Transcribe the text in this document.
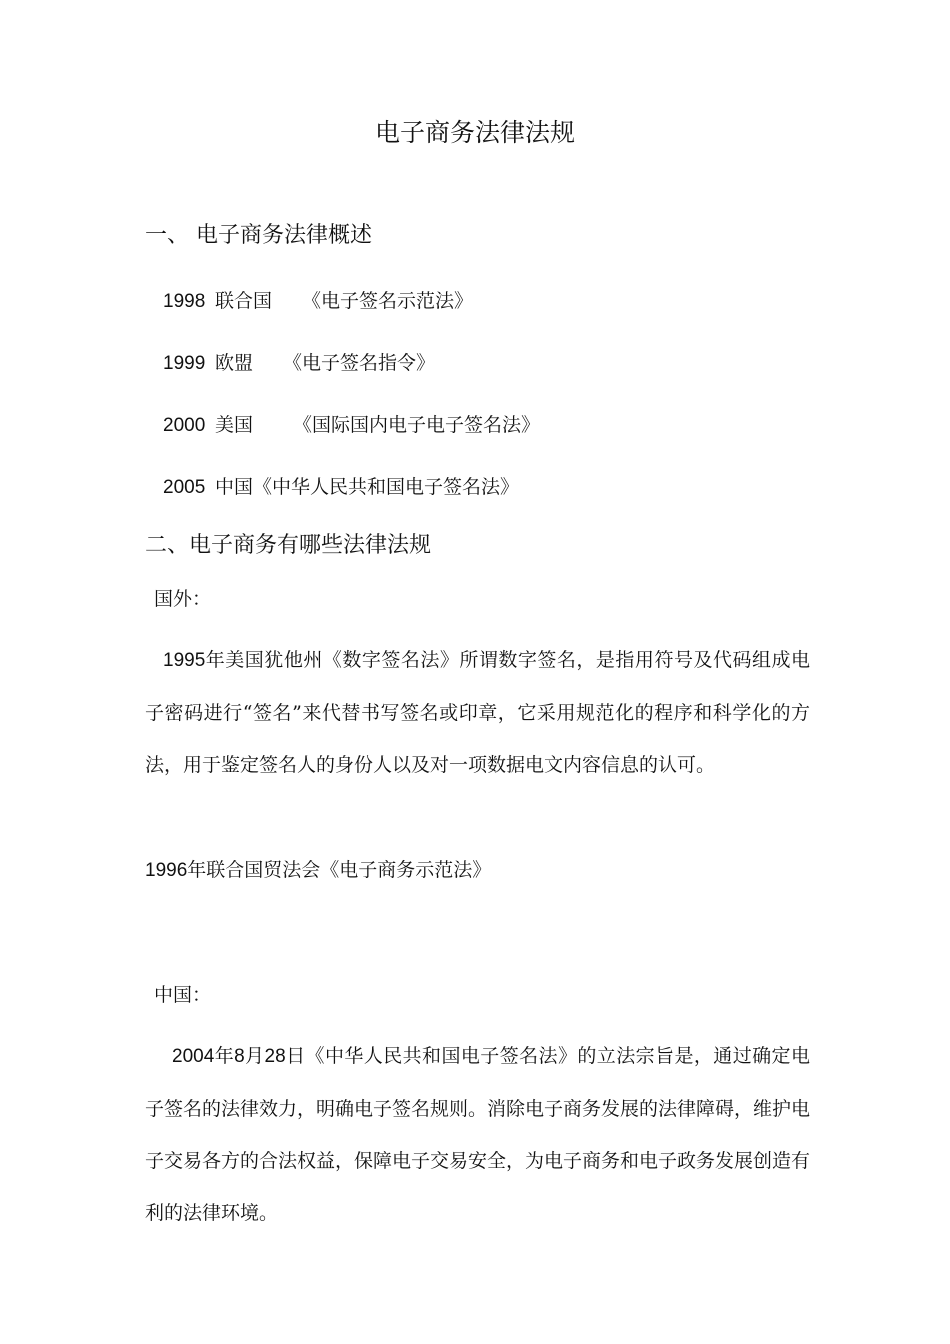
电子商务法律法规
一、 电子商务法律概述
1998 联合国 《电子签名示范法》
1999 欧盟 《电子签名指令》
2000 美国 《国际国内电子电子签名法》
2005 中国《中华人民共和国电子签名法》
二、电子商务有哪些法律法规
国外：
1995年美国犹他州《数字签名法》所谓数字签名，是指用符号及代码组成电子密码进行“签名”来代替书写签名或印章，它采用规范化的程序和科学化的方法，用于鉴定签名人的身份人以及对一项数据电文内容信息的认可。
1996年联合国贸法会《电子商务示范法》
中国：
2004年8月28日《中华人民共和国电子签名法》的立法宗旨是，通过确定电子签名的法律效力，明确电子签名规则。消除电子商务发展的法律障碍，维护电子交易各方的合法权益，保障电子交易安全，为电子商务和电子政务发展创造有利的法律环境。
